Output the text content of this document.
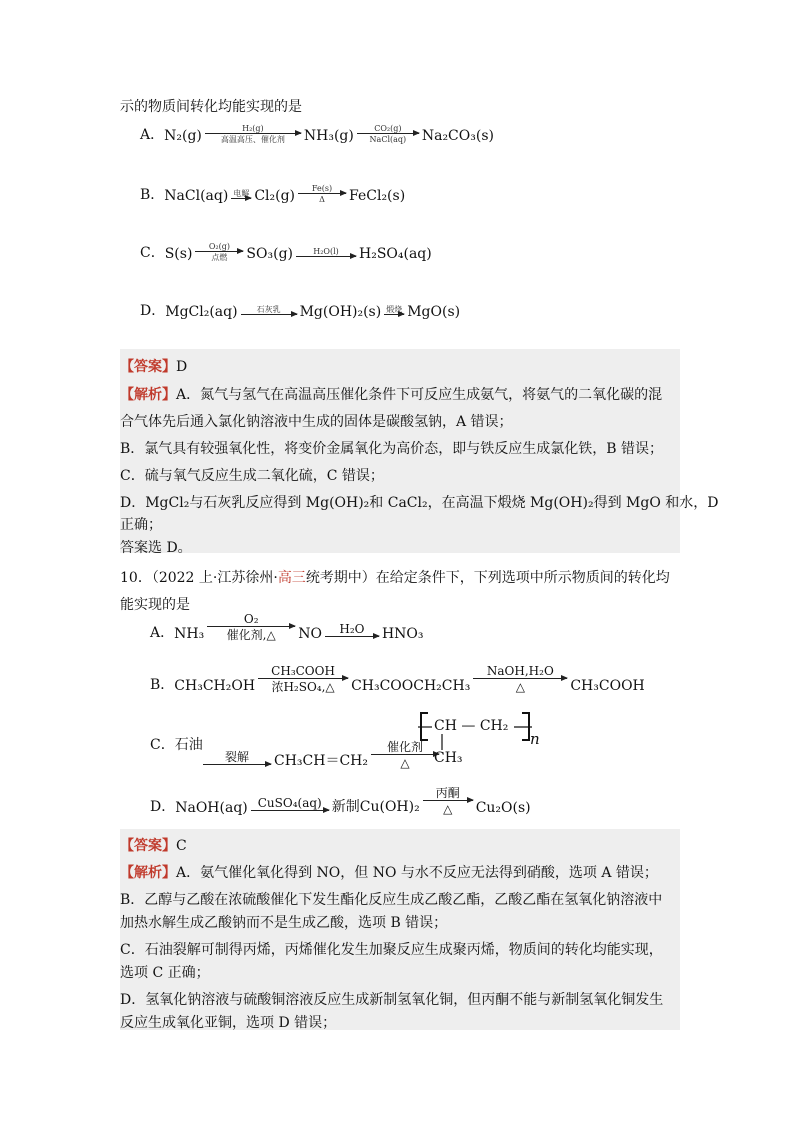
示的物质间转化均能实现的是
A． N₂(g)	H₂(g)
高温高压、催化剂 NH₃(g)	CO₂(g)
NaCl(aq) Na₂CO₃(s)
B． NaCl(aq) 电解 Cl₂(g) Fe(s)
Δ FeCl₂(s)
C． S(s) O₂(g)
点燃 SO₃(g)	H₂O(l) H₂SO₄(aq)
D． MgCl₂(aq) 石灰乳 Mg(OH)₂(s) 煅烧 MgO(s)
【答案】D
【解析】A．氮气与氢气在高温高压催化条件下可反应生成氨气，将氨气的二氧化碳的混
合气体先后通入氯化钠溶液中生成的固体是碳酸氢钠，A 错误；
B．氯气具有较强氧化性，将变价金属氧化为高价态，即与铁反应生成氯化铁，B 错误；
C．硫与氧气反应生成二氧化硫，C 错误；
D．MgCl₂与石灰乳反应得到 Mg(OH)₂和 CaCl₂，在高温下煅烧 Mg(OH)₂得到 MgO 和水，D
正确；
答案选 D。
10．（2022 上·江苏徐州·高三统考期中）在给定条件下，下列选项中所示物质间的转化均
能实现的是
A． NH₃
O₂
催化剂,△ NO H₂O HNO₃
B． CH₃CH₂OH
CH₃COOH
浓H₂SO₄,△ CH₃COOCH₂CH₃
NaOH,H₂O
△	CH₃COOH
C． 石油
裂解 CH₃CH＝CH₂
催化剂
△
CH — CH₂
CH₃
n
D． NaOH(aq) CuSO₄(aq) 新制Cu(OH)₂
丙酮
△ Cu₂O(s)
【答案】C
【解析】A．氨气催化氧化得到 NO，但 NO 与水不反应无法得到硝酸，选项 A 错误；
B．乙醇与乙酸在浓硫酸催化下发生酯化反应生成乙酸乙酯，乙酸乙酯在氢氧化钠溶液中
加热水解生成乙酸钠而不是生成乙酸，选项 B 错误；
C．石油裂解可制得丙烯，丙烯催化发生加聚反应生成聚丙烯，物质间的转化均能实现，
选项 C 正确；
D．氢氧化钠溶液与硫酸铜溶液反应生成新制氢氧化铜，但丙酮不能与新制氢氧化铜发生
反应生成氧化亚铜，选项 D 错误；
